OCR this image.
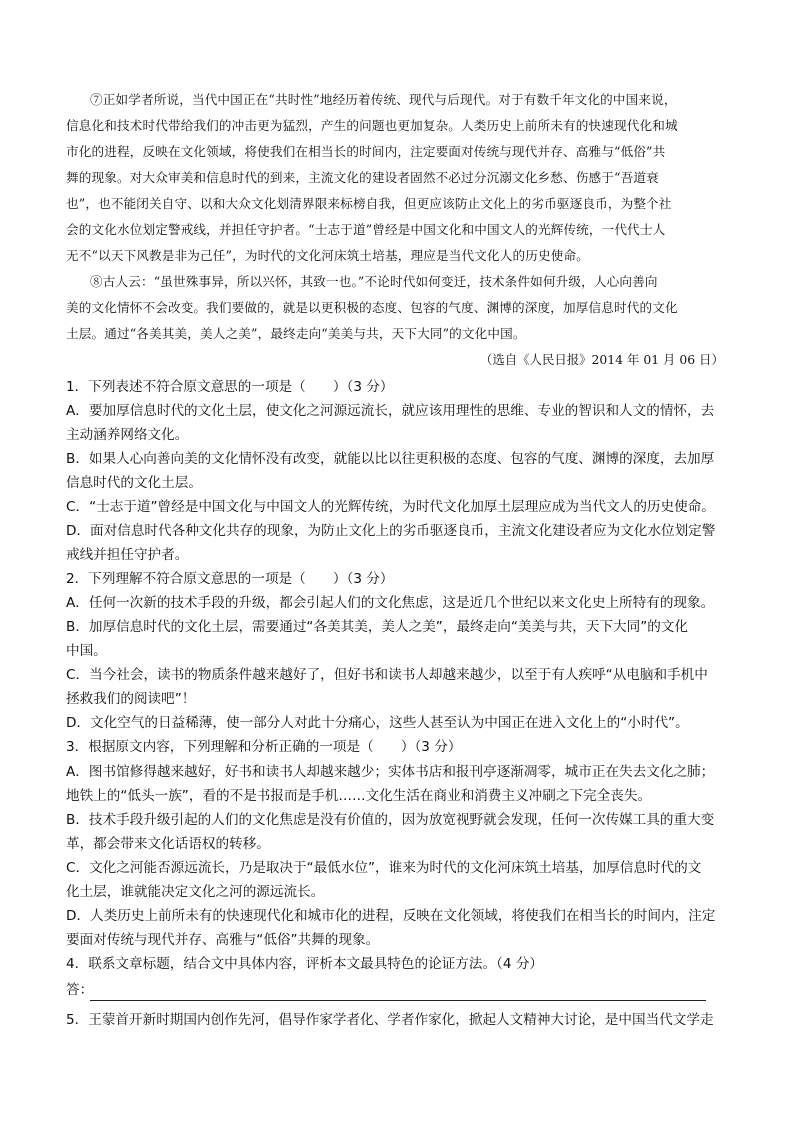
⑦正如学者所说，当代中国正在“共时性”地经历着传统、现代与后现代。对于有数千年文化的中国来说，
信息化和技术时代带给我们的冲击更为猛烈，产生的问题也更加复杂。人类历史上前所未有的快速现代化和城
市化的进程，反映在文化领域，将使我们在相当长的时间内，注定要面对传统与现代并存、高雅与“低俗”共
舞的现象。对大众审美和信息时代的到来，主流文化的建设者固然不必过分沉溺文化乡愁、伤感于“吾道衰
也”，也不能闭关自守、以和大众文化划清界限来标榜自我，但更应该防止文化上的劣币驱逐良币，为整个社
会的文化水位划定警戒线，并担任守护者。“士志于道”曾经是中国文化和中国文人的光辉传统，一代代士人
无不“以天下风教是非为己任”，为时代的文化河床筑土培基，理应是当代文化人的历史使命。
⑧古人云：“虽世殊事异，所以兴怀，其致一也。”不论时代如何变迁，技术条件如何升级，人心向善向
美的文化情怀不会改变。我们要做的，就是以更积极的态度、包容的气度、渊博的深度，加厚信息时代的文化
土层。通过“各美其美，美人之美”，最终走向“美美与共，天下大同”的文化中国。
（选自《人民日报》2014 年 01 月 06 日）
1．下列表述不符合原文意思的一项是（　　）（3 分）
A．要加厚信息时代的文化土层，使文化之河源远流长，就应该用理性的思维、专业的智识和人文的情怀，去
主动涵养网络文化。
B．如果人心向善向美的文化情怀没有改变，就能以比以往更积极的态度、包容的气度、渊博的深度，去加厚
信息时代的文化土层。
C．“士志于道”曾经是中国文化与中国文人的光辉传统，为时代文化加厚土层理应成为当代文人的历史使命。
D．面对信息时代各种文化共存的现象，为防止文化上的劣币驱逐良币，主流文化建设者应为文化水位划定警
戒线并担任守护者。
2．下列理解不符合原文意思的一项是（　　）（3 分）
A．任何一次新的技术手段的升级，都会引起人们的文化焦虑，这是近几个世纪以来文化史上所特有的现象。
B．加厚信息时代的文化土层，需要通过“各美其美，美人之美”，最终走向“美美与共，天下大同”的文化
中国。
C．当今社会，读书的物质条件越来越好了，但好书和读书人却越来越少，以至于有人疾呼“从电脑和手机中
拯救我们的阅读吧”！
D．文化空气的日益稀薄，使一部分人对此十分痛心，这些人甚至认为中国正在进入文化上的“小时代”。
3．根据原文内容，下列理解和分析正确的一项是（　　）（3 分）
A．图书馆修得越来越好，好书和读书人却越来越少；实体书店和报刊亭逐渐凋零，城市正在失去文化之肺；
地铁上的“低头一族”，看的不是书报而是手机……文化生活在商业和消费主义冲刷之下完全丧失。
B．技术手段升级引起的人们的文化焦虑是没有价值的，因为放宽视野就会发现，任何一次传媒工具的重大变
革，都会带来文化话语权的转移。
C．文化之河能否源远流长，乃是取决于“最低水位”，谁来为时代的文化河床筑土培基，加厚信息时代的文
化土层，谁就能决定文化之河的源远流长。
D．人类历史上前所未有的快速现代化和城市化的进程，反映在文化领域，将使我们在相当长的时间内，注定
要面对传统与现代并存、高雅与“低俗”共舞的现象。
4．联系文章标题，结合文中具体内容，评析本文最具特色的论证方法。（4 分）
答：
5．王蒙首开新时期国内创作先河，倡导作家学者化、学者作家化，掀起人文精神大讨论，是中国当代文学走
